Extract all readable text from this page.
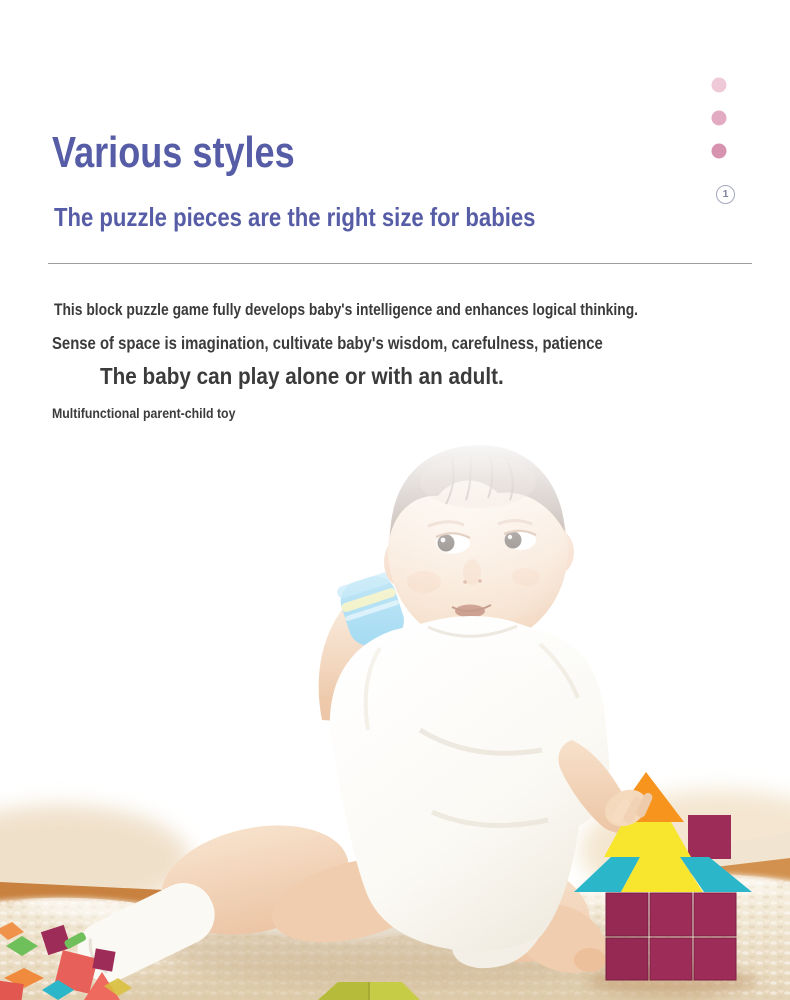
Various styles
The puzzle pieces are the right size for babies
1

This block puzzle game fully develops baby's intelligence and enhances logical thinking.

Sense of space is imagination, cultivate baby's wisdom, carefulness, patience

The baby can play alone or with an adult.

Multifunctional parent-child toy
